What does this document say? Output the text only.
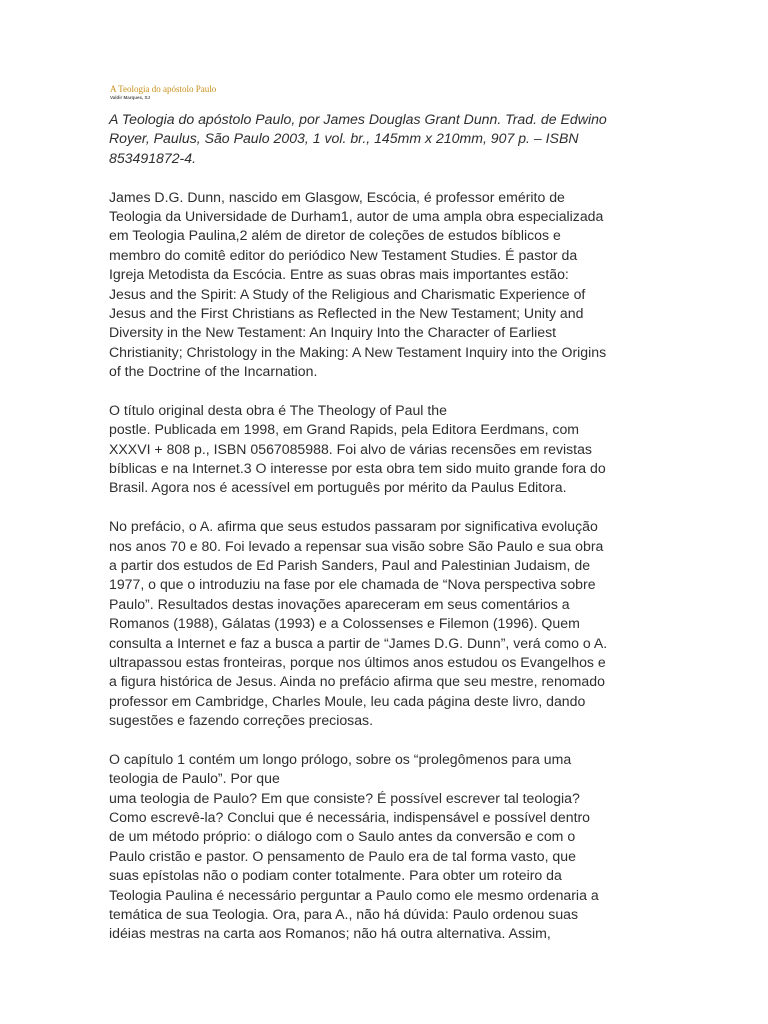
A Teologia do apóstolo Paulo
Valdir Marques, SJ
A Teologia do apóstolo Paulo, por James Douglas Grant Dunn. Trad. de Edwino
Royer, Paulus, São Paulo 2003, 1 vol. br., 145mm x 210mm, 907 p. – ISBN
853491872-4.
James D.G. Dunn, nascido em Glasgow, Escócia, é professor emérito de
Teologia da Universidade de Durham1, autor de uma ampla obra especializada
em Teologia Paulina,2 além de diretor de coleções de estudos bíblicos e
membro do comitê editor do periódico New Testament Studies. É pastor da
Igreja Metodista da Escócia. Entre as suas obras mais importantes estão:
Jesus and the Spirit: A Study of the Religious and Charismatic Experience of
Jesus and the First Christians as Reflected in the New Testament; Unity and
Diversity in the New Testament: An Inquiry Into the Character of Earliest
Christianity; Christology in the Making: A New Testament Inquiry into the Origins
of the Doctrine of the Incarnation.
O título original desta obra é The Theology of Paul the
postle. Publicada em 1998, em Grand Rapids, pela Editora Eerdmans, com
XXXVI + 808 p., ISBN 0567085988. Foi alvo de várias recensões em revistas
bíblicas e na Internet.3 O interesse por esta obra tem sido muito grande fora do
Brasil. Agora nos é acessível em português por mérito da Paulus Editora.
No prefácio, o A. afirma que seus estudos passaram por significativa evolução
nos anos 70 e 80. Foi levado a repensar sua visão sobre São Paulo e sua obra
a partir dos estudos de Ed Parish Sanders, Paul and Palestinian Judaism, de
1977, o que o introduziu na fase por ele chamada de “Nova perspectiva sobre
Paulo”. Resultados destas inovações apareceram em seus comentários a
Romanos (1988), Gálatas (1993) e a Colossenses e Filemon (1996). Quem
consulta a Internet e faz a busca a partir de “James D.G. Dunn”, verá como o A.
ultrapassou estas fronteiras, porque nos últimos anos estudou os Evangelhos e
a figura histórica de Jesus. Ainda no prefácio afirma que seu mestre, renomado
professor em Cambridge, Charles Moule, leu cada página deste livro, dando
sugestões e fazendo correções preciosas.
O capítulo 1 contém um longo prólogo, sobre os “prolegômenos para uma
teologia de Paulo”. Por que
uma teologia de Paulo? Em que consiste? É possível escrever tal teologia?
Como escrevê-la? Conclui que é necessária, indispensável e possível dentro
de um método próprio: o diálogo com o Saulo antes da conversão e com o
Paulo cristão e pastor. O pensamento de Paulo era de tal forma vasto, que
suas epístolas não o podiam conter totalmente. Para obter um roteiro da
Teologia Paulina é necessário perguntar a Paulo como ele mesmo ordenaria a
temática de sua Teologia. Ora, para A., não há dúvida: Paulo ordenou suas
idéias mestras na carta aos Romanos; não há outra alternativa. Assim,
